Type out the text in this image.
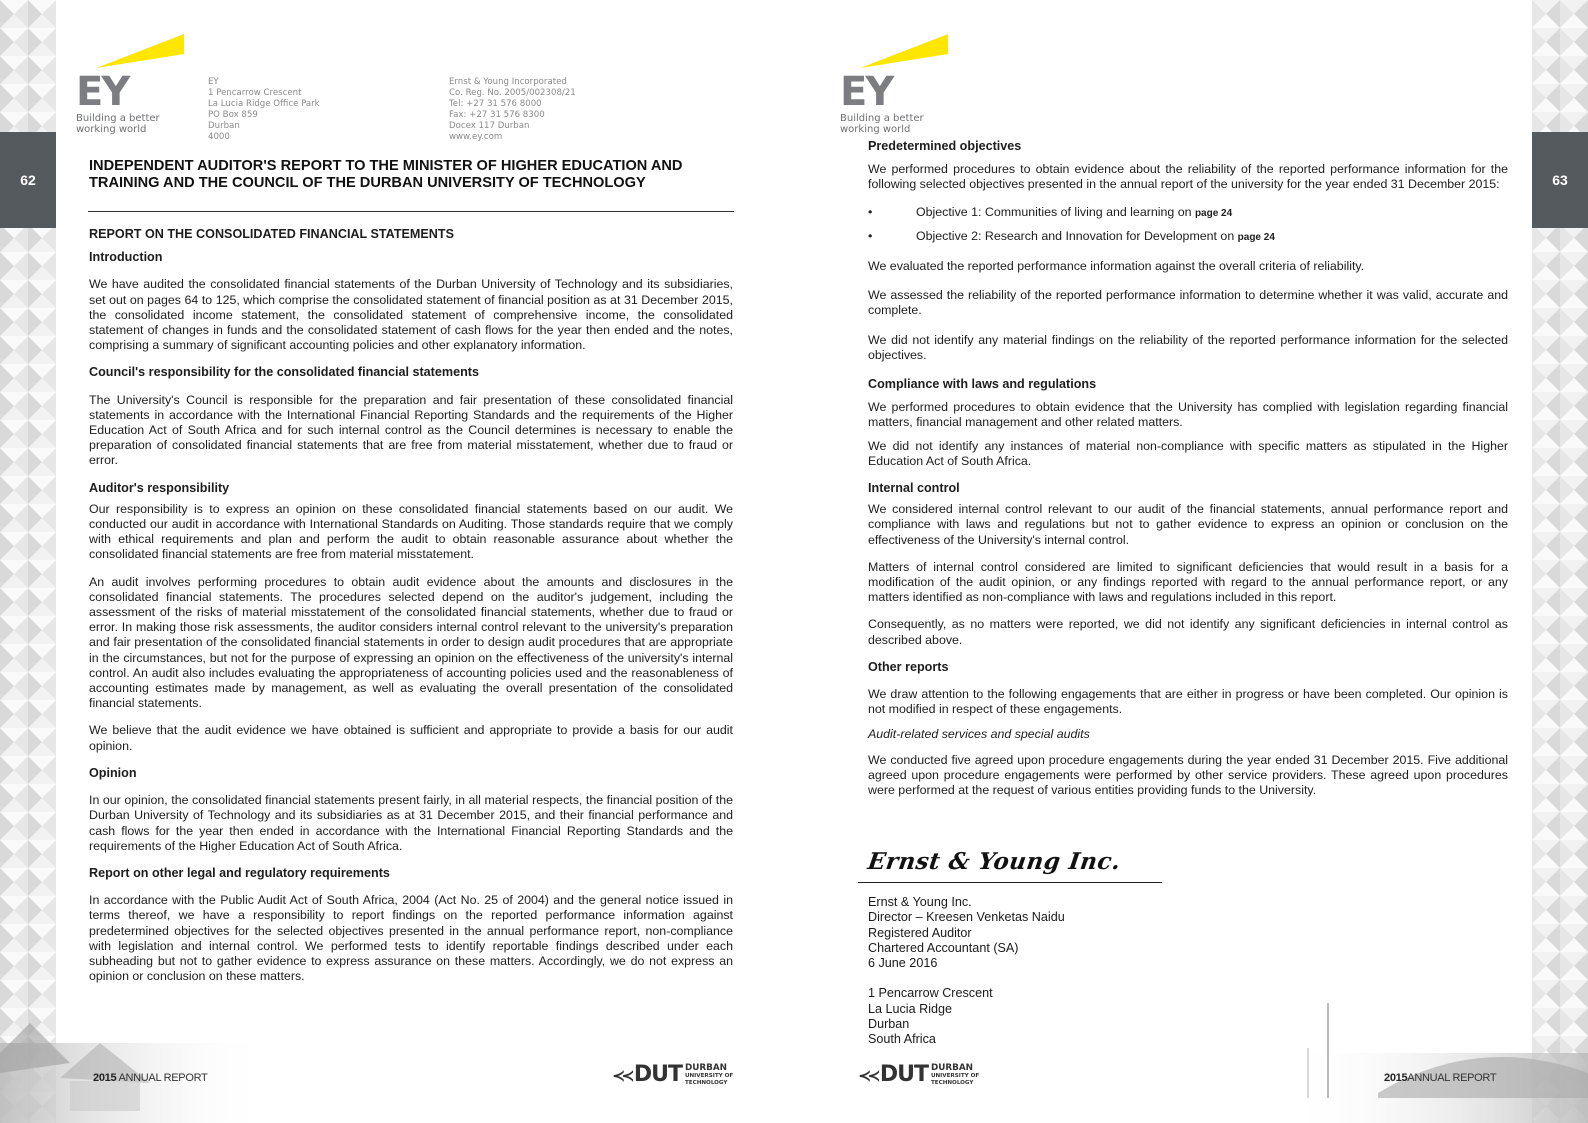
62
EY
Building a better
working world
EY
1 Pencarrow Crescent
La Lucia Ridge Office Park
PO Box 859
Durban
4000
Ernst & Young Incorporated
Co. Reg. No. 2005/002308/21
Tel: +27 31 576 8000
Fax: +27 31 576 8300
Docex 117 Durban
www.ey.com
INDEPENDENT AUDITOR'S REPORT TO THE MINISTER OF HIGHER EDUCATION AND TRAINING AND THE COUNCIL OF THE DURBAN UNIVERSITY OF TECHNOLOGY
REPORT ON THE CONSOLIDATED FINANCIAL STATEMENTS
Introduction

We have audited the consolidated financial statements of the Durban University of Technology and its subsidiaries, set out on pages 64 to 125, which comprise the consolidated statement of financial position as at 31 December 2015, the consolidated income statement, the consolidated statement of comprehensive income, the consolidated statement of changes in funds and the consolidated statement of cash flows for the year then ended and the notes, comprising a summary of significant accounting policies and other explanatory information.

Council's responsibility for the consolidated financial statements

The University's Council is responsible for the preparation and fair presentation of these consolidated financial statements in accordance with the International Financial Reporting Standards and the requirements of the Higher Education Act of South Africa and for such internal control as the Council determines is necessary to enable the preparation of consolidated financial statements that are free from material misstatement, whether due to fraud or error.

Auditor's responsibility

Our responsibility is to express an opinion on these consolidated financial statements based on our audit. We conducted our audit in accordance with International Standards on Auditing. Those standards require that we comply with ethical requirements and plan and perform the audit to obtain reasonable assurance about whether the consolidated financial statements are free from material misstatement.

An audit involves performing procedures to obtain audit evidence about the amounts and disclosures in the consolidated financial statements. The procedures selected depend on the auditor's judgement, including the assessment of the risks of material misstatement of the consolidated financial statements, whether due to fraud or error. In making those risk assessments, the auditor considers internal control relevant to the university's preparation and fair presentation of the consolidated financial statements in order to design audit procedures that are appropriate in the circumstances, but not for the purpose of expressing an opinion on the effectiveness of the university's internal control. An audit also includes evaluating the appropriateness of accounting policies used and the reasonableness of accounting estimates made by management, as well as evaluating the overall presentation of the consolidated financial statements.

We believe that the audit evidence we have obtained is sufficient and appropriate to provide a basis for our audit opinion.

Opinion

In our opinion, the consolidated financial statements present fairly, in all material respects, the financial position of the Durban University of Technology and its subsidiaries as at 31 December 2015, and their financial performance and cash flows for the year then ended in accordance with the International Financial Reporting Standards and the requirements of the Higher Education Act of South Africa.

Report on other legal and regulatory requirements

In accordance with the Public Audit Act of South Africa, 2004 (Act No. 25 of 2004) and the general notice issued in terms thereof, we have a responsibility to report findings on the reported performance information against predetermined objectives for the selected objectives presented in the annual performance report, non-compliance with legislation and internal control. We performed tests to identify reportable findings described under each subheading but not to gather evidence to express assurance on these matters. Accordingly, we do not express an opinion or conclusion on these matters.

2015 ANNUAL REPORT	≺≺ DUT DURBAN
UNIVERSITY OF
TECHNOLOGY
63
EY
Building a better
working world
Predetermined objectives

We performed procedures to obtain evidence about the reliability of the reported performance information for the following selected objectives presented in the annual report of the university for the year ended 31 December 2015:

•	Objective 1: Communities of living and learning on page 24
•	Objective 2: Research and Innovation for Development on page 24

We evaluated the reported performance information against the overall criteria of reliability.

We assessed the reliability of the reported performance information to determine whether it was valid, accurate and complete.

We did not identify any material findings on the reliability of the reported performance information for the selected objectives.

Compliance with laws and regulations

We performed procedures to obtain evidence that the University has complied with legislation regarding financial matters, financial management and other related matters.

We did not identify any instances of material non-compliance with specific matters as stipulated in the Higher Education Act of South Africa.

Internal control

We considered internal control relevant to our audit of the financial statements, annual performance report and compliance with laws and regulations but not to gather evidence to express an opinion or conclusion on the effectiveness of the University's internal control.

Matters of internal control considered are limited to significant deficiencies that would result in a basis for a modification of the audit opinion, or any findings reported with regard to the annual performance report, or any matters identified as non-compliance with laws and regulations included in this report.

Consequently, as no matters were reported, we did not identify any significant deficiencies in internal control as described above.

Other reports

We draw attention to the following engagements that are either in progress or have been completed. Our opinion is not modified in respect of these engagements.

Audit-related services and special audits

We conducted five agreed upon procedure engagements during the year ended 31 December 2015. Five additional agreed upon procedure engagements were performed by other service providers. These agreed upon procedures were performed at the request of various entities providing funds to the University.

Ernst & Young Inc.
Ernst & Young Inc.
Director – Kreesen Venketas Naidu
Registered Auditor
Chartered Accountant (SA)
6 June 2016
1 Pencarrow Crescent
La Lucia Ridge
Durban
South Africa
≺≺ DUT DURBAN
UNIVERSITY OF
TECHNOLOGY	2015ANNUAL REPORT
